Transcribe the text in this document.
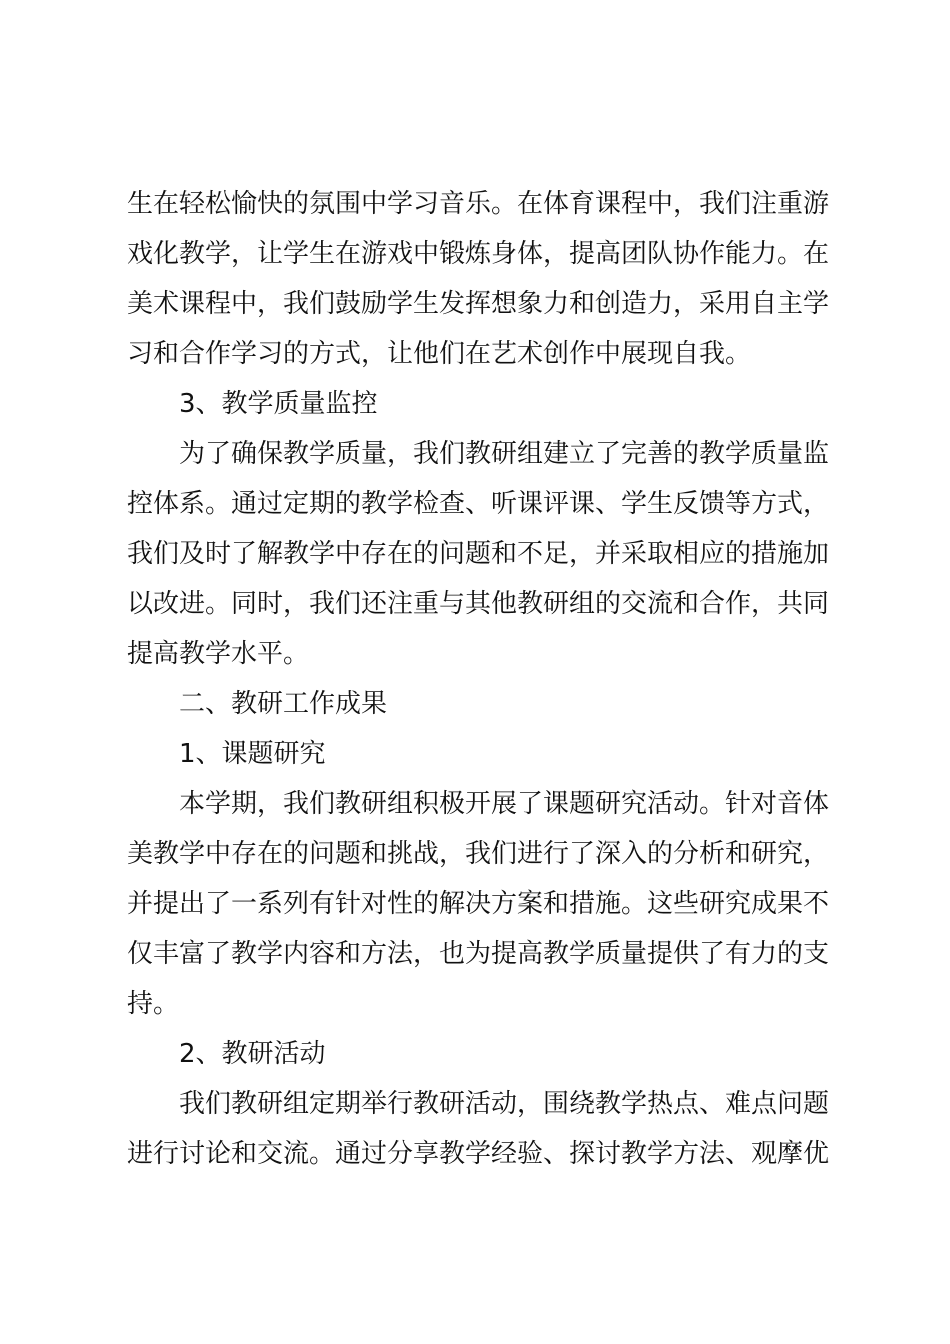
生在轻松愉快的氛围中学习音乐。在体育课程中，我们注重游
戏化教学，让学生在游戏中锻炼身体，提高团队协作能力。在
美术课程中，我们鼓励学生发挥想象力和创造力，采用自主学
习和合作学习的方式，让他们在艺术创作中展现自我。
3、教学质量监控
为了确保教学质量，我们教研组建立了完善的教学质量监
控体系。通过定期的教学检查、听课评课、学生反馈等方式，
我们及时了解教学中存在的问题和不足，并采取相应的措施加
以改进。同时，我们还注重与其他教研组的交流和合作，共同
提高教学水平。
二、教研工作成果
1、课题研究
本学期，我们教研组积极开展了课题研究活动。针对音体
美教学中存在的问题和挑战，我们进行了深入的分析和研究，
并提出了一系列有针对性的解决方案和措施。这些研究成果不
仅丰富了教学内容和方法，也为提高教学质量提供了有力的支
持。
2、教研活动
我们教研组定期举行教研活动，围绕教学热点、难点问题
进行讨论和交流。通过分享教学经验、探讨教学方法、观摩优
